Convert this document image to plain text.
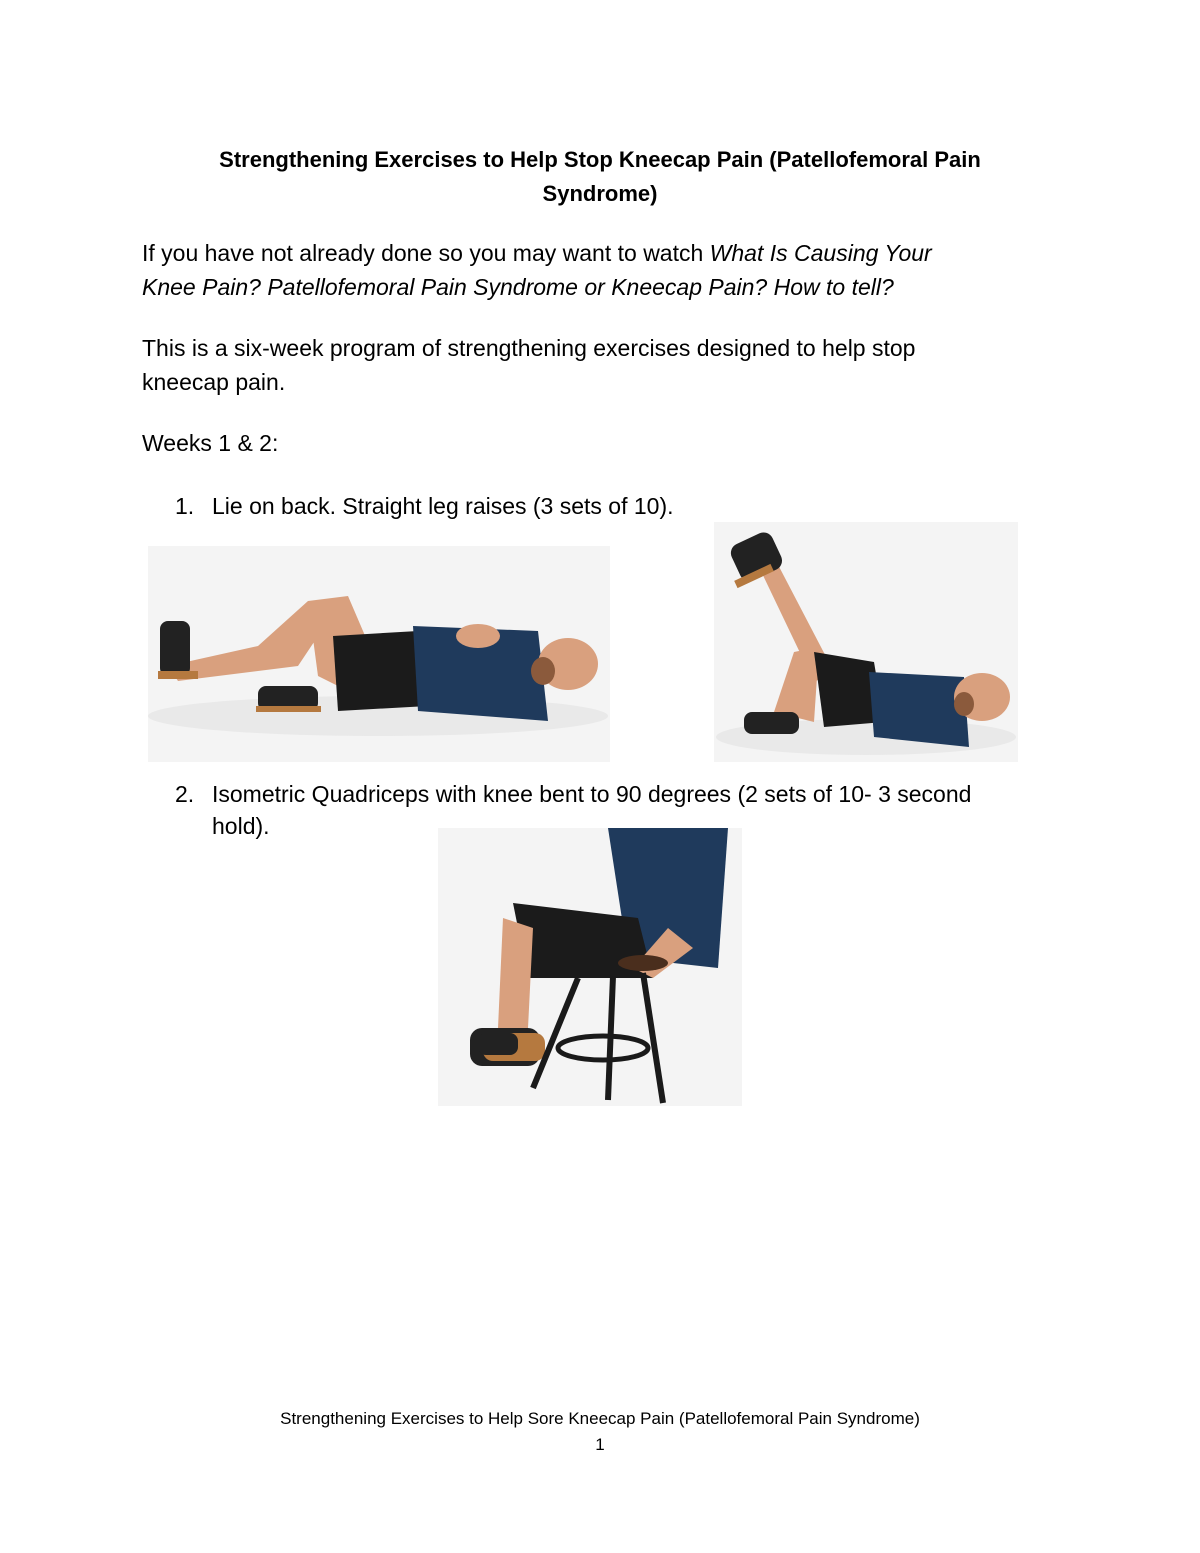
Strengthening Exercises to Help Stop Kneecap Pain (Patellofemoral Pain
Syndrome)
If you have not already done so you may want to watch What Is Causing Your
Knee Pain? Patellofemoral Pain Syndrome or Kneecap Pain? How to tell?
This is a six-week program of strengthening exercises designed to help stop
kneecap pain.
Weeks 1 & 2:
1. Lie on back. Straight leg raises (3 sets of 10).
2. Isometric Quadriceps with knee bent to 90 degrees (2 sets of 10- 3 second
hold).
Strengthening Exercises to Help Sore Kneecap Pain (Patellofemoral Pain Syndrome)
1
